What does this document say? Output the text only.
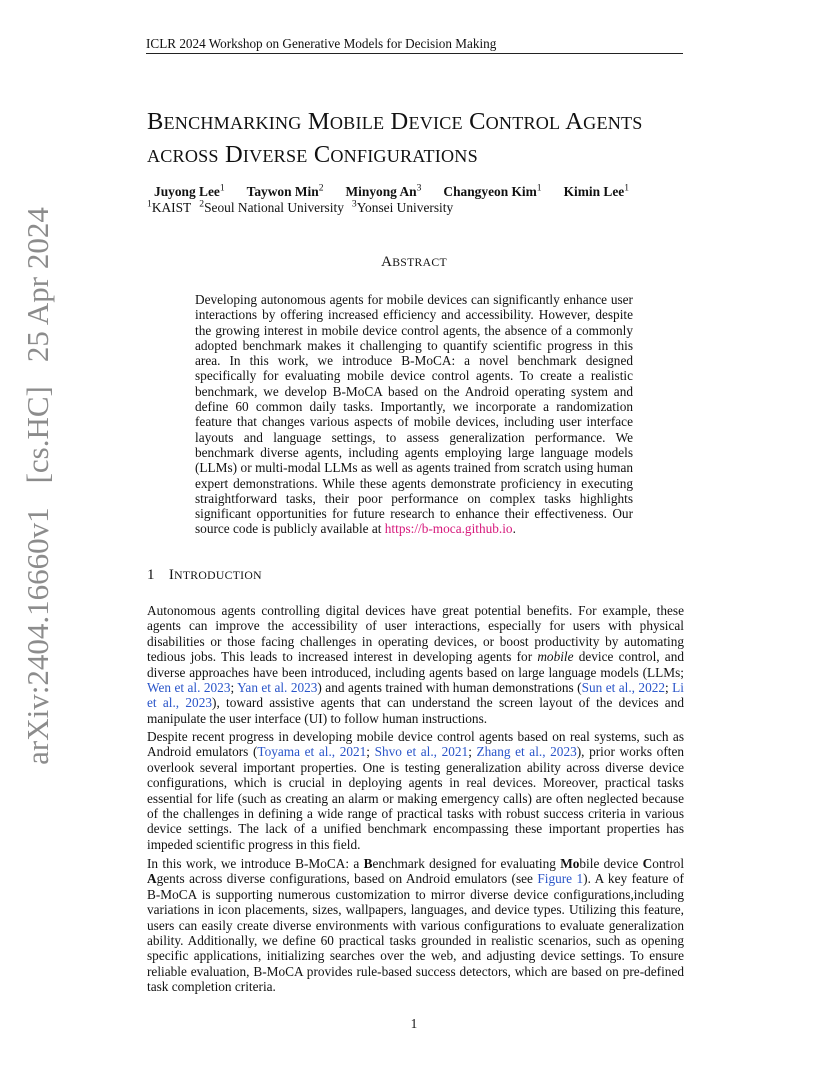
ICLR 2024 Workshop on Generative Models for Decision Making
arXiv:2404.16660v1[cs.HC]25 Apr 2024
BENCHMARKING MOBILE DEVICE CONTROL AGENTS
ACROSS DIVERSE CONFIGURATIONS
Juyong Lee$^1$ Taywon Min$^2$ Minyong An$^3$ Changyeon Kim$^1$ Kimin Lee$^1$
$^1$KAIST $^2$Seoul National University $^3$Yonsei University
ABSTRACT
Developing autonomous agents for mobile devices can significantly enhance user interactions by offering increased efficiency and accessibility. However, despite the growing interest in mobile device control agents, the absence of a commonly adopted benchmark makes it challenging to quantify scientific progress in this area. In this work, we introduce B-MoCA: a novel benchmark designed specifically for evaluating mobile device control agents. To create a realistic benchmark, we develop B-MoCA based on the Android operating system and define 60 common daily tasks. Importantly, we incorporate a randomization feature that changes various aspects of mobile devices, including user interface layouts and language settings, to assess generalization performance. We benchmark diverse agents, including agents employing large language models (LLMs) or multi-modal LLMs as well as agents trained from scratch using human expert demonstrations. While these agents demonstrate proficiency in executing straightforward tasks, their poor performance on complex tasks highlights significant opportunities for future research to enhance their effectiveness. Our source code is publicly available at https://b-moca.github.io.
1 INTRODUCTION
Autonomous agents controlling digital devices have great potential benefits. For example, these agents can improve the accessibility of user interactions, especially for users with physical disabilities or those facing challenges in operating devices, or boost productivity by automating tedious jobs. This leads to increased interest in developing agents for mobile device control, and diverse approaches have been introduced, including agents based on large language models (LLMs; Wen et al. 2023; Yan et al. 2023) and agents trained with human demonstrations (Sun et al., 2022; Li et al., 2023), toward assistive agents that can understand the screen layout of the devices and manipulate the user interface (UI) to follow human instructions.
Despite recent progress in developing mobile device control agents based on real systems, such as Android emulators (Toyama et al., 2021; Shvo et al., 2021; Zhang et al., 2023), prior works often overlook several important properties. One is testing generalization ability across diverse device configurations, which is crucial in deploying agents in real devices. Moreover, practical tasks essential for life (such as creating an alarm or making emergency calls) are often neglected because of the challenges in defining a wide range of practical tasks with robust success criteria in various device settings. The lack of a unified benchmark encompassing these important properties has impeded scientific progress in this field.
In this work, we introduce B-MoCA: a Benchmark designed for evaluating Mobile device Control Agents across diverse configurations, based on Android emulators (see Figure 1). A key feature of B-MoCA is supporting numerous customization to mirror diverse device configurations,including variations in icon placements, sizes, wallpapers, languages, and device types. Utilizing this feature, users can easily create diverse environments with various configurations to evaluate generalization ability. Additionally, we define 60 practical tasks grounded in realistic scenarios, such as opening specific applications, initializing searches over the web, and adjusting device settings. To ensure reliable evaluation, B-MoCA provides rule-based success detectors, which are based on pre-defined task completion criteria.
1
